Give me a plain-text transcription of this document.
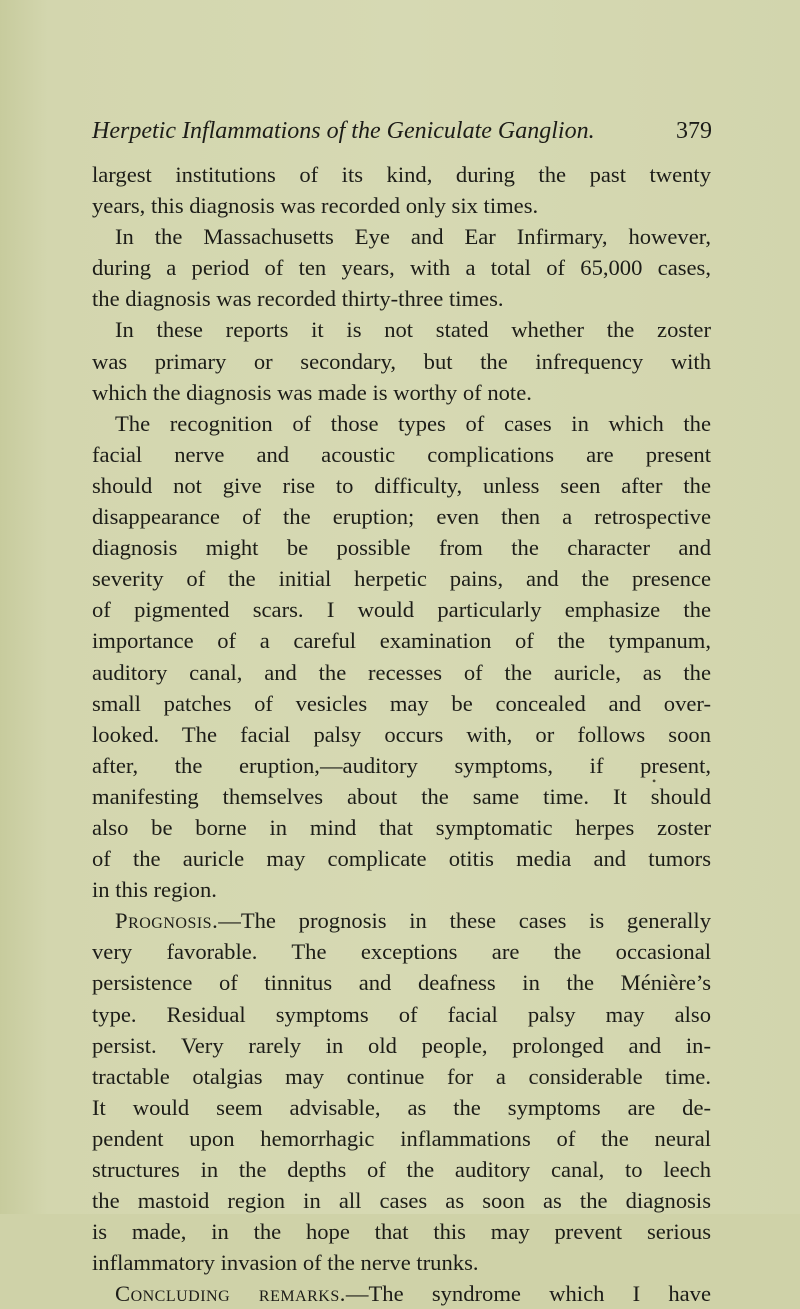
Herpetic Inflammations of the Geniculate Ganglion.	379
largest institutions of its kind, during the past twenty
years, this diagnosis was recorded only six times.
In the Massachusetts Eye and Ear Infirmary, however,
during a period of ten years, with a total of 65,000 cases,
the diagnosis was recorded thirty-three times.
In these reports it is not stated whether the zoster
was primary or secondary, but the infrequency with
which the diagnosis was made is worthy of note.
The recognition of those types of cases in which the
facial nerve and acoustic complications are present
should not give rise to difficulty, unless seen after the
disappearance of the eruption; even then a retrospective
diagnosis might be possible from the character and
severity of the initial herpetic pains, and the presence
of pigmented scars. I would particularly emphasize the
importance of a careful examination of the tympanum,
auditory canal, and the recesses of the auricle, as the
small patches of vesicles may be concealed and over-
looked. The facial palsy occurs with, or follows soon
after, the eruption,—auditory symptoms, if present,
manifesting themselves about the same time. It should
also be borne in mind that symptomatic herpes zoster
of the auricle may complicate otitis media and tumors
in this region.
Prognosis.—The prognosis in these cases is generally
very favorable. The exceptions are the occasional
persistence of tinnitus and deafness in the Ménière’s
type. Residual symptoms of facial palsy may also
persist. Very rarely in old people, prolonged and in-
tractable otalgias may continue for a considerable time.
It would seem advisable, as the symptoms are de-
pendent upon hemorrhagic inflammations of the neural
structures in the depths of the auditory canal, to leech
the mastoid region in all cases as soon as the diagnosis
is made, in the hope that this may prevent serious
inflammatory invasion of the nerve trunks.
Concluding remarks.—The syndrome which I have
•
